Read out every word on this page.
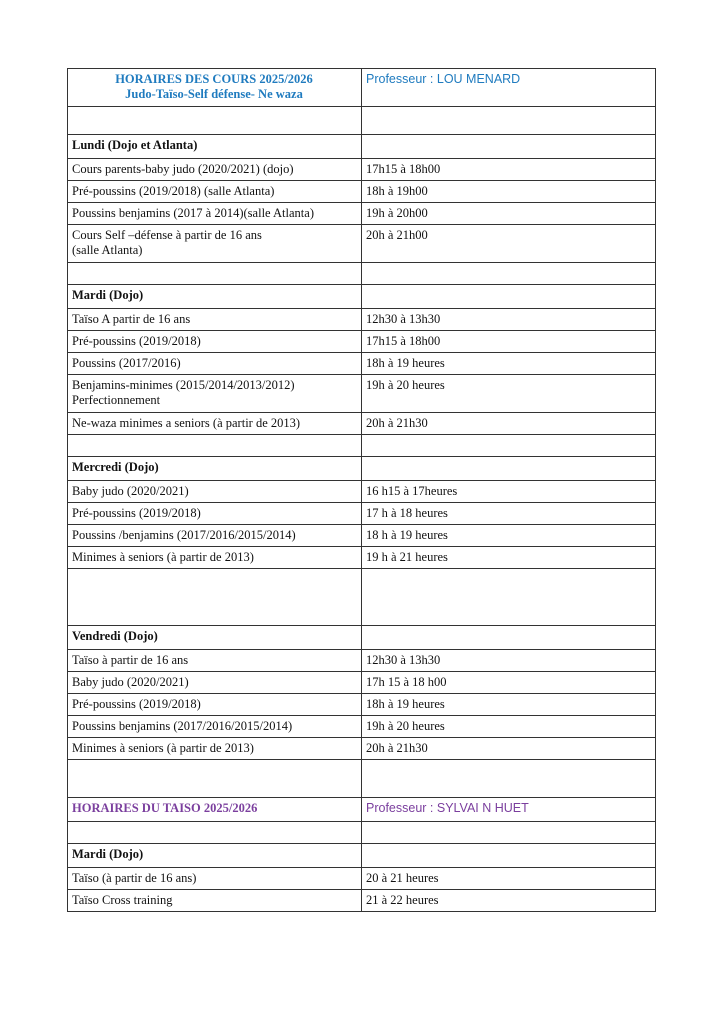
HORAIRES DES COURS 2025/2026
Judo-Taïso-Self défense- Ne waza	Professeur : LOU MENARD

Lundi (Dojo et Atlanta)	

Cours parents-baby judo (2020/2021) (dojo)	17h15 à 18h00

Pré-poussins (2019/2018) (salle Atlanta)	18h à 19h00

Poussins benjamins (2017 à 2014)(salle Atlanta)	19h à 20h00

Cours Self –défense à partir de 16 ans
(salle Atlanta)	20h à 21h00

Mardi (Dojo)	

Taïso A partir de 16 ans	12h30 à 13h30

Pré-poussins (2019/2018)	17h15 à 18h00

Poussins (2017/2016)	18h à 19 heures

Benjamins-minimes (2015/2014/2013/2012)
Perfectionnement	19h à 20 heures

Ne-waza minimes a seniors (à partir de 2013)	20h à 21h30

Mercredi (Dojo)	

Baby judo (2020/2021)	16 h15 à 17heures

Pré-poussins (2019/2018)	17 h à 18 heures

Poussins /benjamins (2017/2016/2015/2014)	18 h à 19 heures

Minimes à seniors (à partir de 2013)	19 h à 21 heures

Vendredi (Dojo)	

Taïso à partir de 16 ans	12h30 à 13h30

Baby judo (2020/2021)	17h 15 à 18 h00

Pré-poussins (2019/2018)	18h à 19 heures

Poussins benjamins (2017/2016/2015/2014)	19h à 20 heures

Minimes à seniors (à partir de 2013)	20h à 21h30

HORAIRES DU TAISO 2025/2026	Professeur : SYLVAI N HUET

Mardi (Dojo)	

Taïso (à partir de 16 ans)	20 à 21 heures

Taïso Cross training	21 à 22 heures
